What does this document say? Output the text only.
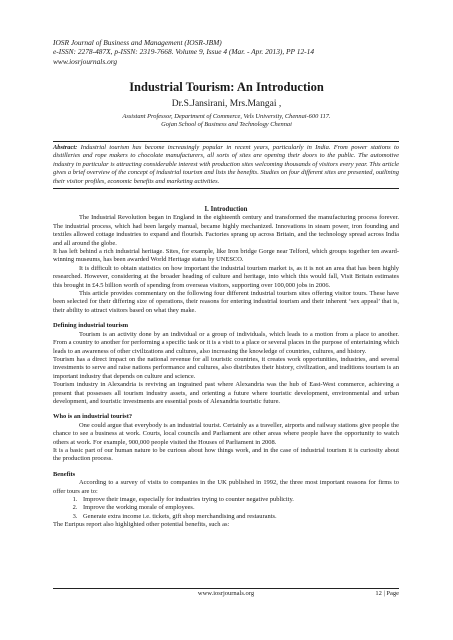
IOSR Journal of Business and Management (IOSR-JBM)
e-ISSN: 2278-487X, p-ISSN: 2319-7668. Volume 9, Issue 4 (Mar. - Apr. 2013), PP 12-14
www.iosrjournals.org
Industrial Tourism: An Introduction
Dr.S.Jansirani, Mrs.Mangai ,
Assistant Professor, Department of Commerce, Vels University, Chennai-600 117.
Gojan School of Business and Technology Chennai
Abstract: Industrial tourism has become increasingly popular in recent years, particularly in India. From power stations to distilleries and rope makers to chocolate manufacturers, all sorts of sites are opening their doors to the public. The automotive industry in particular is attracting considerable interest with production sites welcoming thousands of visitors every year. This article gives a brief overview of the concept of industrial tourism and lists the benefits. Studies on four different sites are presented, outlining their visitor profiles, economic benefits and marketing activities.

I. Introduction

The Industrial Revolution began in England in the eighteenth century and transformed the manufacturing process forever. The industrial process, which had been largely manual, became highly mechanized. Innovations in steam power, iron founding and textiles allowed cottage industries to expand and flourish. Factories sprang up across Britain, and the technology spread across India and all around the globe.

It has left behind a rich industrial heritage. Sites, for example, like Iron bridge Gorge near Telford, which groups together ten award-winning museums, has been awarded World Heritage status by UNESCO.

It is difficult to obtain statistics on how important the industrial tourism market is, as it is not an area that has been highly researched. However, considering at the broader heading of culture and heritage, into which this would fall, Visit Britain estimates this brought in £4.5 billion worth of spending from overseas visitors, supporting over 100,000 jobs in 2006.

This article provides commentary on the following four different industrial tourism sites offering visitor tours. These have been selected for their differing size of operations, their reasons for entering industrial tourism and their inherent ‘sex appeal’ that is, their ability to attract visitors based on what they make.

Defining industrial tourism

Tourism is an activity done by an individual or a group of individuals, which leads to a motion from a place to another. From a country to another for performing a specific task or it is a visit to a place or several places in the purpose of entertaining which leads to an awareness of other civilizations and cultures, also increasing the knowledge of countries, cultures, and history.

Tourism has a direct impact on the national revenue for all touristic countries, it creates work opportunities, industries, and several investments to serve and raise nations performance and cultures, also distributes their history, civilization, and traditions tourism is an important industry that depends on culture and science.

Tourism industry in Alexandria is reviving an ingrained past where Alexandria was the hub of East-West commerce, achieving a present that possesses all tourism industry assets, and orienting a future where touristic development, environmental and urban development, and touristic investments are essential posts of Alexandria touristic future.

Who is an industrial tourist?

One could argue that everybody is an industrial tourist. Certainly as a traveller, airports and railway stations give people the chance to see a business at work. Courts, local councils and Parliament are other areas where people have the opportunity to watch others at work. For example, 900,000 people visited the Houses of Parliament in 2008.

It is a basic part of our human nature to be curious about how things work, and in the case of industrial tourism it is curiosity about the production process.

Benefits

According to a survey of visits to companies in the UK published in 1992, the three most important reasons for firms to offer tours are to:

1. Improve their image, especially for industries trying to counter negative publicity.
2. Improve the working morale of employees.
3. Generate extra income i.e. tickets, gift shop merchandising and restaurants.

The Euripus report also highlighted other potential benefits, such as:

www.iosrjournals.org	12 | Page
